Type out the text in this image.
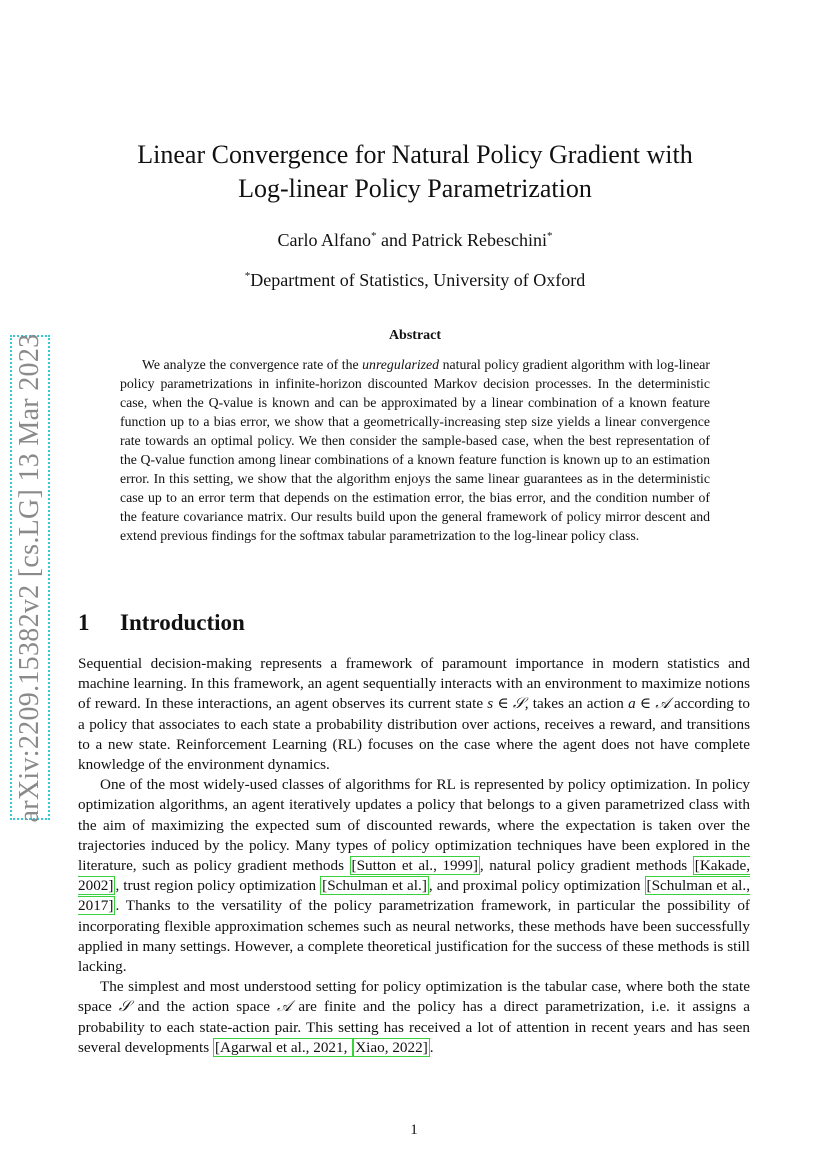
arXiv:2209.15382v2 [cs.LG] 13 Mar 2023
Linear Convergence for Natural Policy Gradient with
Log-linear Policy Parametrization
Carlo Alfano* and Patrick Rebeschini*
*Department of Statistics, University of Oxford
Abstract

We analyze the convergence rate of the unregularized natural policy gradient algorithm with log-linear policy parametrizations in infinite-horizon discounted Markov decision processes. In the deterministic case, when the Q-value is known and can be approximated by a linear combination of a known feature function up to a bias error, we show that a geometrically-increasing step size yields a linear convergence rate towards an optimal policy. We then consider the sample-based case, when the best representation of the Q-value function among linear combinations of a known feature function is known up to an estimation error. In this setting, we show that the algorithm enjoys the same linear guarantees as in the deterministic case up to an error term that depends on the estimation error, the bias error, and the condition number of the feature covariance matrix. Our results build upon the general framework of policy mirror descent and extend previous findings for the softmax tabular parametrization to the log-linear policy class.

1 Introduction

Sequential decision-making represents a framework of paramount importance in modern statistics and machine learning. In this framework, an agent sequentially interacts with an environment to maximize notions of reward. In these interactions, an agent observes its current state s ∈ 𝒮, takes an action a ∈ 𝒜 according to a policy that associates to each state a probability distribution over actions, receives a reward, and transitions to a new state. Reinforcement Learning (RL) focuses on the case where the agent does not have complete knowledge of the environment dynamics.

One of the most widely-used classes of algorithms for RL is represented by policy optimization. In policy optimization algorithms, an agent iteratively updates a policy that belongs to a given parametrized class with the aim of maximizing the expected sum of discounted rewards, where the expectation is taken over the trajectories induced by the policy. Many types of policy optimization techniques have been explored in the literature, such as policy gradient methods [Sutton et al., 1999] , natural policy gradient methods [Kakade, 2002] , trust region policy optimization [Schulman et al.] , and proximal policy optimization [Schulman et al., 2017] . Thanks to the versatility of the policy parametrization framework, in particular the possibility of incorporating flexible approximation schemes such as neural networks, these methods have been successfully applied in many settings. However, a complete theoretical justification for the success of these methods is still lacking.

The simplest and most understood setting for policy optimization is the tabular case, where both the state space 𝒮 and the action space 𝒜 are finite and the policy has a direct parametrization, i.e. it assigns a probability to each state-action pair. This setting has received a lot of attention in recent years and has seen several developments [Agarwal et al., 2021, Xiao, 2022] .

1
